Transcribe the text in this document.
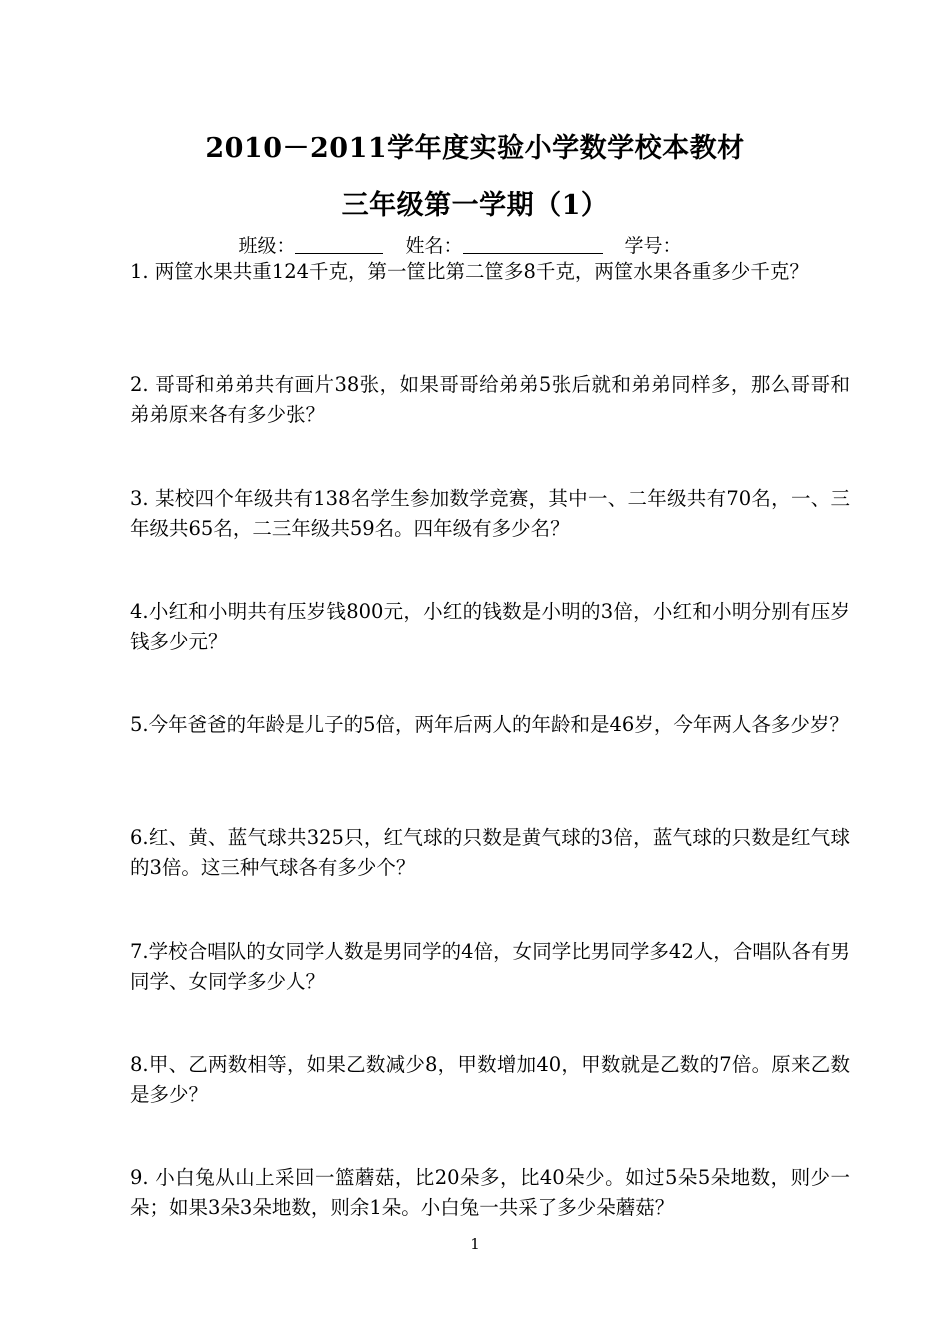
2010－2011学年度实验小学数学校本教材
三年级第一学期（1）
班级：	姓名：	学号：

1. 两筐水果共重124千克，第一筐比第二筐多8千克，两筐水果各重多少千克？

2. 哥哥和弟弟共有画片38张，如果哥哥给弟弟5张后就和弟弟同样多，那么哥哥和弟弟原来各有多少张？

3. 某校四个年级共有138名学生参加数学竞赛，其中一、二年级共有70名，一、三年级共65名，二三年级共59名。四年级有多少名？

4.小红和小明共有压岁钱800元，小红的钱数是小明的3倍，小红和小明分别有压岁钱多少元？

5.今年爸爸的年龄是儿子的5倍，两年后两人的年龄和是46岁，今年两人各多少岁？

6.红、黄、蓝气球共325只，红气球的只数是黄气球的3倍，蓝气球的只数是红气球的3倍。这三种气球各有多少个？

7.学校合唱队的女同学人数是男同学的4倍，女同学比男同学多42人，合唱队各有男同学、女同学多少人？

8.甲、乙两数相等，如果乙数减少8，甲数增加40，甲数就是乙数的7倍。原来乙数是多少？

9. 小白兔从山上采回一篮蘑菇，比20朵多，比40朵少。如过5朵5朵地数，则少一朵；如果3朵3朵地数，则余1朵。小白兔一共采了多少朵蘑菇？

1
